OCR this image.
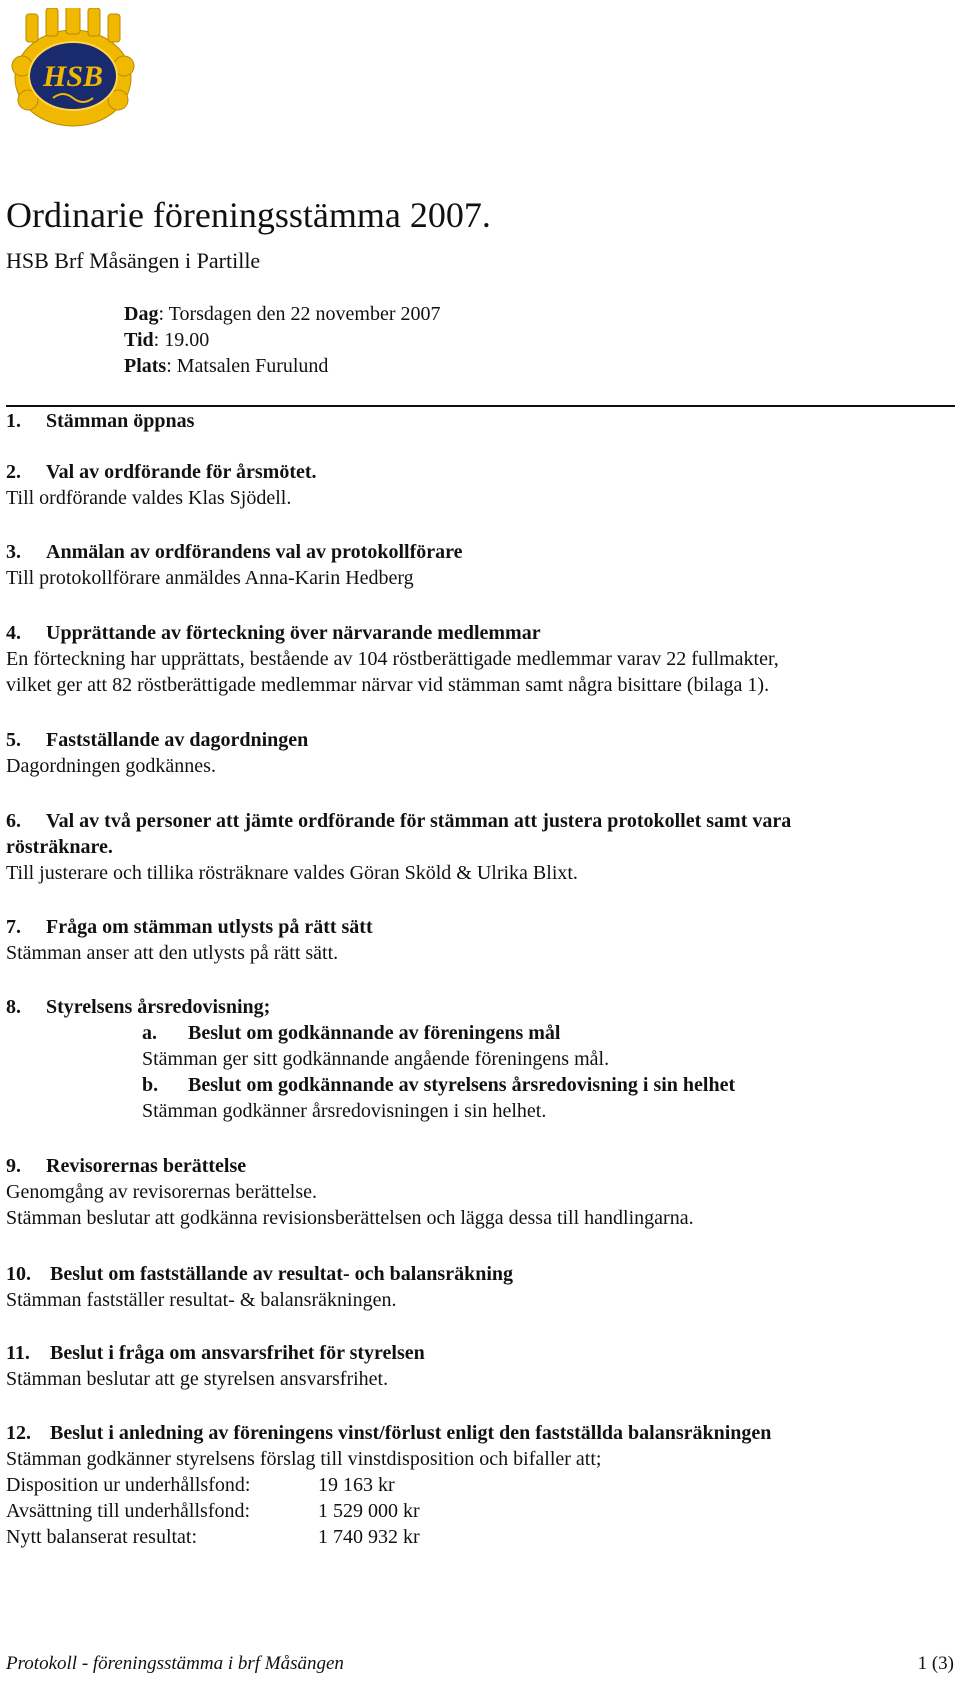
HSB
Ordinarie föreningsstämma 2007.
HSB Brf Måsängen i Partille
Dag: Torsdagen den 22 november 2007
Tid: 19.00
Plats: Matsalen Furulund
1. Stämman öppnas
2. Val av ordförande för årsmötet.
Till ordförande valdes Klas Sjödell.
3. Anmälan av ordförandens val av protokollförare
Till protokollförare anmäldes Anna-Karin Hedberg
4. Upprättande av förteckning över närvarande medlemmar
En förteckning har upprättats, bestående av 104 röstberättigade medlemmar varav 22 fullmakter,
vilket ger att 82 röstberättigade medlemmar närvar vid stämman samt några bisittare (bilaga 1).
5. Fastställande av dagordningen
Dagordningen godkännes.
6. Val av två personer att jämte ordförande för stämman att justera protokollet samt vara
rösträknare.
Till justerare och tillika rösträknare valdes Göran Sköld & Ulrika Blixt.
7. Fråga om stämman utlysts på rätt sätt
Stämman anser att den utlysts på rätt sätt.
8. Styrelsens årsredovisning;
a. Beslut om godkännande av föreningens mål
Stämman ger sitt godkännande angående föreningens mål.
b. Beslut om godkännande av styrelsens årsredovisning i sin helhet
Stämman godkänner årsredovisningen i sin helhet.
9. Revisorernas berättelse
Genomgång av revisorernas berättelse.
Stämman beslutar att godkänna revisionsberättelsen och lägga dessa till handlingarna.
10. Beslut om fastställande av resultat- och balansräkning
Stämman fastställer resultat- & balansräkningen.
11. Beslut i fråga om ansvarsfrihet för styrelsen
Stämman beslutar att ge styrelsen ansvarsfrihet.
12. Beslut i anledning av föreningens vinst/förlust enligt den fastställda balansräkningen
Stämman godkänner styrelsens förslag till vinstdisposition och bifaller att;
Disposition ur underhållsfond:	19 163 kr
Avsättning till underhållsfond:	1 529 000 kr
Nytt balanserat resultat:	1 740 932 kr
Protokoll - föreningsstämma i brf Måsängen	1 (3)
